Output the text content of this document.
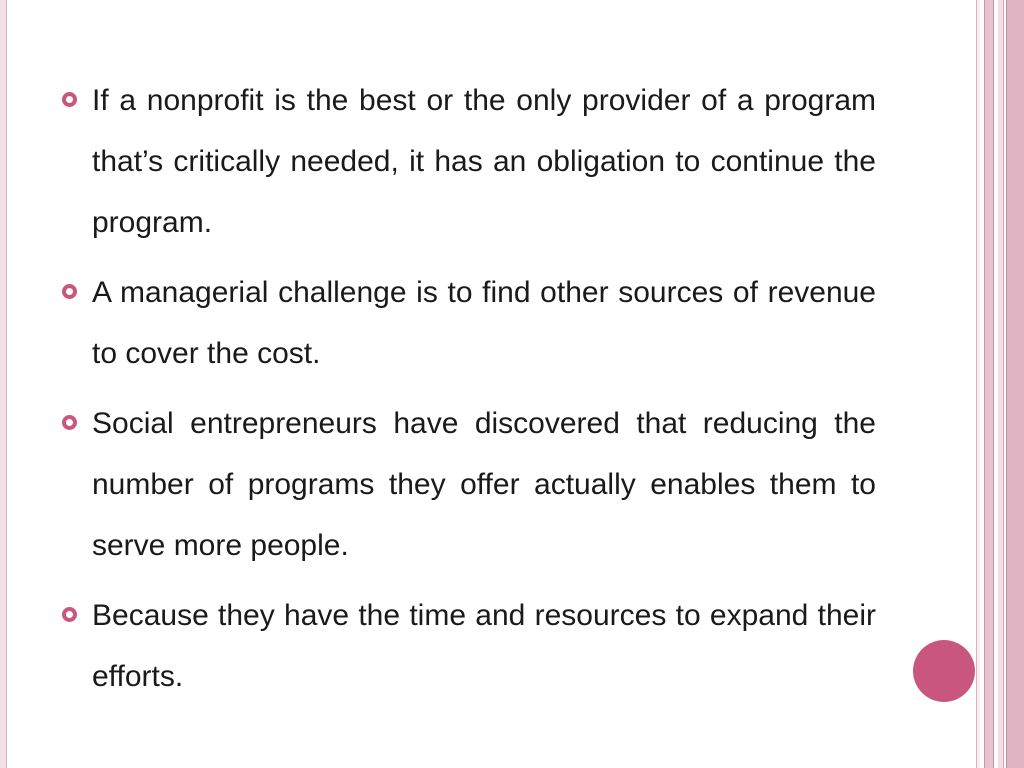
If a nonprofit is the best or the only provider of a program that’s critically needed, it has an obligation to continue the program.
A managerial challenge is to find other sources of revenue to cover the cost.
Social entrepreneurs have discovered that reducing the number of programs they offer actually enables them to serve more people.
Because they have the time and resources to expand their efforts.
